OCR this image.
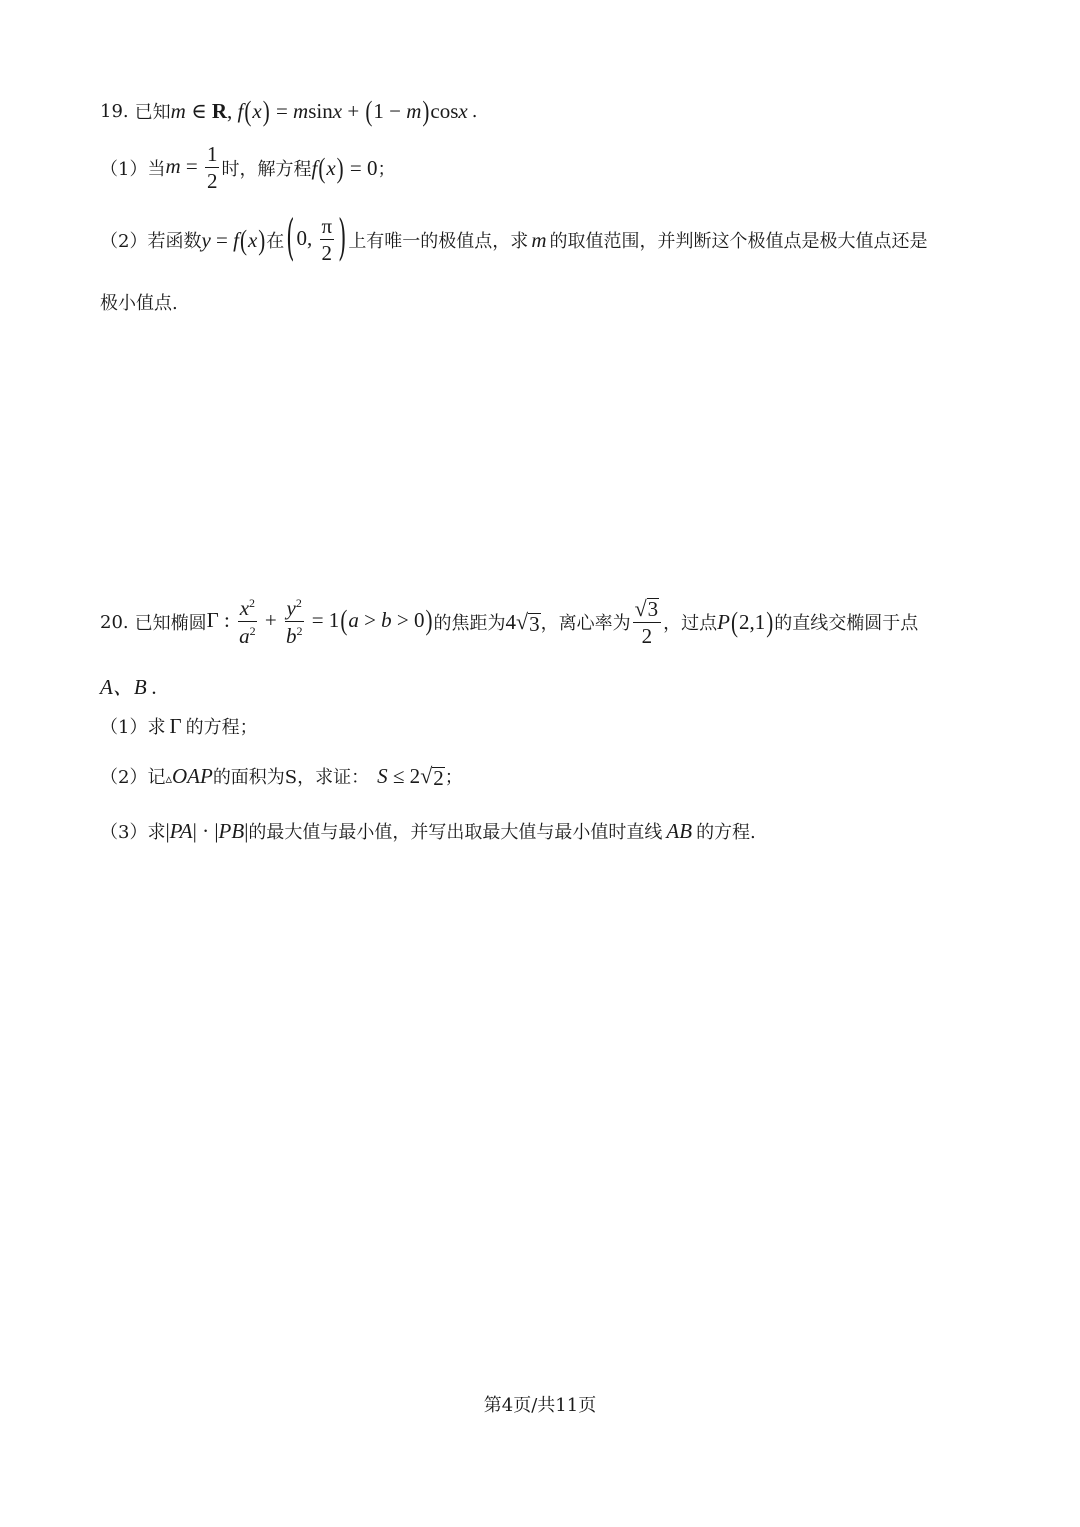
19. 已知 m ∈ R, f(x) = msinx + (1 − m)cosx .
（1）当 $m = \frac{1}{2}$ 时，解方程 f(x) = 0 ；
（2）若函数 y = f(x) 在 (0, $\frac{\pi}{2}$ ) 上有唯一的极值点，求 m 的取值范围，并判断这个极值点是极大值点还是
极小值点.
20. 已知椭圆 Γ : $\frac{x^2}{a^2} + \frac{y^2}{b^2} = 1(a > b > 0)$ 的焦距为 4 √ 3 ，离心率为 $\frac{√ 3}{2}$ ，过点 P(2,1) 的直线交椭圆于点
A、B .
（1）求 Γ 的方程；
（2）记 ▵OAP 的面积为S，求证： S ≤ 2 √ 2 ；
（3）求 |PA| · |PB| 的最大值与最小值，并写出取最大值与最小值时直线 AB 的方程.
第4页/共11页
